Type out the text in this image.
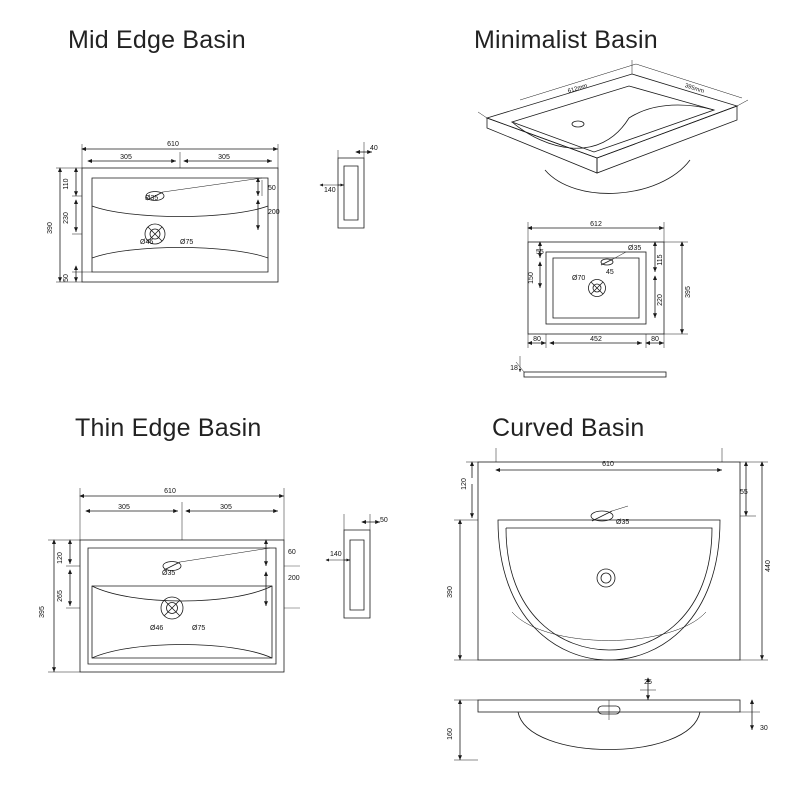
Mid Edge Basin	Minimalist Basin
Thin Edge Basin	Curved Basin
610
305	305
390
110
230
50
50
200
Ø35
Ø46	Ø75
140
40
612mm	395mm
612
55
150
115
220
395
80	452	80
Ø35
Ø70
45
18
610
305	305
395
120
265
60
200
Ø35
Ø46	Ø75
140
50
610
390
120
440
55
Ø35
25
160	30
